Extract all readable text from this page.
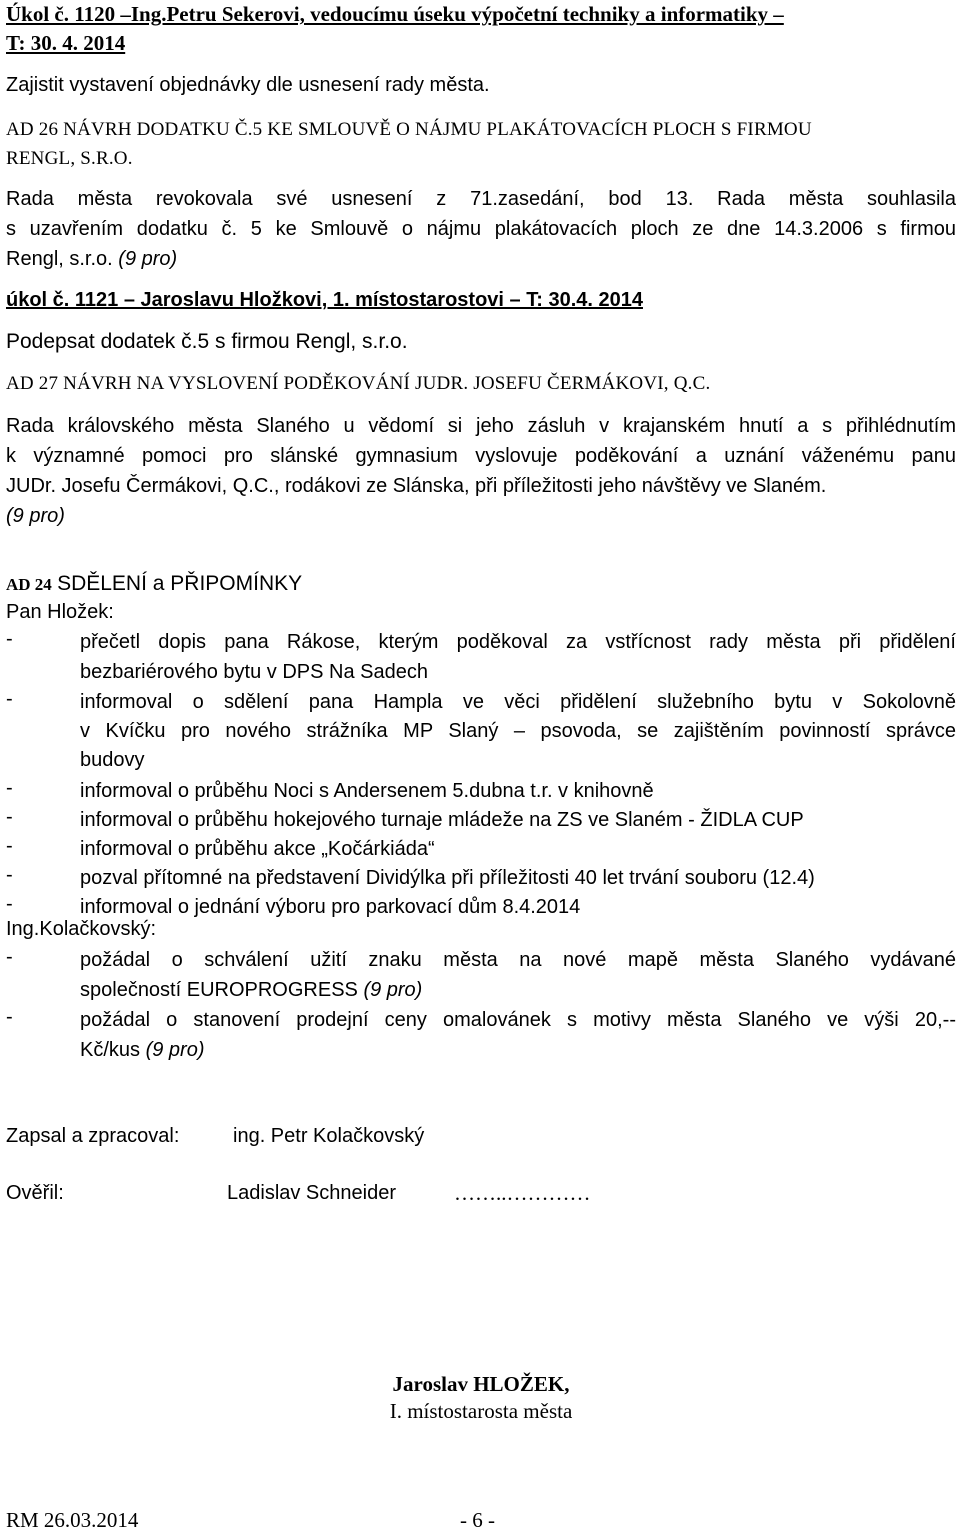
Úkol č. 1120 –Ing.Petru Sekerovi, vedoucímu úseku výpočetní techniky a informatiky –
T: 30. 4. 2014
Zajistit vystavení objednávky dle usnesení rady města.
AD 26 NÁVRH DODATKU Č.5 KE SMLOUVĚ O NÁJMU PLAKÁTOVACÍCH PLOCH S FIRMOU
RENGL, S.R.O.
Rada města revokovala své usnesení z 71.zasedání, bod 13. Rada města souhlasila
s uzavřením dodatku č. 5 ke Smlouvě o nájmu plakátovacích ploch ze dne 14.3.2006 s firmou
Rengl, s.r.o. (9 pro)
úkol č. 1121 – Jaroslavu Hložkovi, 1. místostarostovi – T: 30.4. 2014
Podepsat dodatek č.5 s firmou Rengl, s.r.o.
AD 27 NÁVRH NA VYSLOVENÍ PODĚKOVÁNÍ JUDR. JOSEFU ČERMÁKOVI, Q.C.
Rada královského města Slaného u vědomí si jeho zásluh v krajanském hnutí a s přihlédnutím
k významné pomoci pro slánské gymnasium vyslovuje poděkování a uznání váženému panu
JUDr. Josefu Čermákovi, Q.C., rodákovi ze Slánska, při příležitosti jeho návštěvy ve Slaném.
(9 pro)
AD 24 SDĚLENÍ a PŘIPOMÍNKY
Pan Hložek:
-	přečetl dopis pana Rákose, kterým poděkoval za vstřícnost rady města při přidělení
bezbariérového bytu v DPS Na Sadech
-	informoval o sdělení pana Hampla ve věci přidělení služebního bytu v Sokolovně
v Kvíčku pro nového strážníka MP Slaný – psovoda, se zajištěním povinností správce
budovy
-	informoval o průběhu Noci s Andersenem 5.dubna t.r. v knihovně
-	informoval o průběhu hokejového turnaje mládeže na ZS ve Slaném - ŽIDLA CUP
-	informoval o průběhu akce „Kočárkiáda“
-	pozval přítomné na představení Dividýlka při příležitosti 40 let trvání souboru (12.4)
-	informoval o jednání výboru pro parkovací dům 8.4.2014
Ing.Kolačkovský:
-	požádal o schválení užití znaku města na nové mapě města Slaného vydávané
společností EUROPROGRESS (9 pro)
-	požádal o stanovení prodejní ceny omalovánek s motivy města Slaného ve výši 20,--
Kč/kus (9 pro)
Zapsal a zpracoval:	ing. Petr Kolačkovský
Ověřil:	Ladislav Schneider	……..…………
Jaroslav HLOŽEK,
I. místostarosta města
RM 26.03.2014	- 6 -
